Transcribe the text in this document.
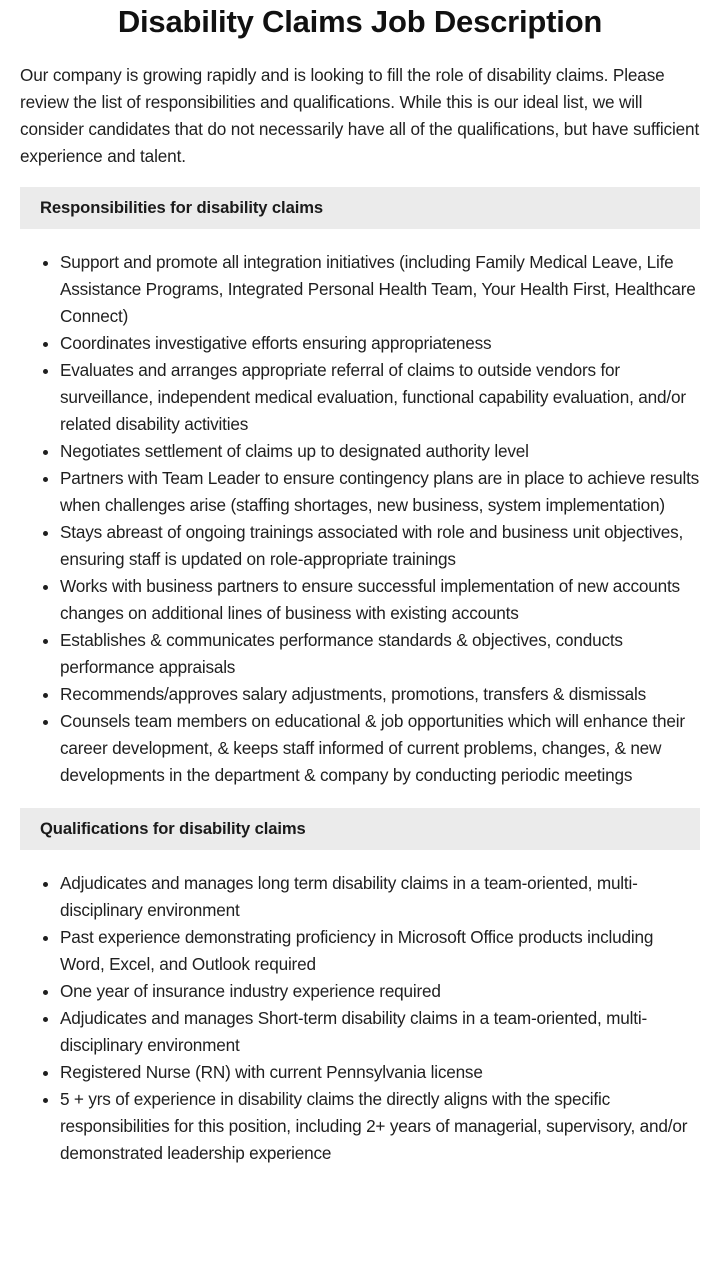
Disability Claims Job Description

Our company is growing rapidly and is looking to fill the role of disability claims. Please review the list of responsibilities and qualifications. While this is our ideal list, we will consider candidates that do not necessarily have all of the qualifications, but have sufficient experience and talent.

Responsibilities for disability claims
• Support and promote all integration initiatives (including Family Medical Leave, Life Assistance Programs, Integrated Personal Health Team, Your Health First, Healthcare Connect)
• Coordinates investigative efforts ensuring appropriateness
• Evaluates and arranges appropriate referral of claims to outside vendors for surveillance, independent medical evaluation, functional capability evaluation, and/or related disability activities
• Negotiates settlement of claims up to designated authority level
• Partners with Team Leader to ensure contingency plans are in place to achieve results when challenges arise (staffing shortages, new business, system implementation)
• Stays abreast of ongoing trainings associated with role and business unit objectives, ensuring staff is updated on role-appropriate trainings
• Works with business partners to ensure successful implementation of new accounts changes on additional lines of business with existing accounts
• Establishes & communicates performance standards & objectives, conducts performance appraisals
• Recommends/approves salary adjustments, promotions, transfers & dismissals
• Counsels team members on educational & job opportunities which will enhance their career development, & keeps staff informed of current problems, changes, & new developments in the department & company by conducting periodic meetings
Qualifications for disability claims
• Adjudicates and manages long term disability claims in a team-oriented, multi-disciplinary environment
• Past experience demonstrating proficiency in Microsoft Office products including Word, Excel, and Outlook required
• One year of insurance industry experience required
• Adjudicates and manages Short-term disability claims in a team-oriented, multi-disciplinary environment
• Registered Nurse (RN) with current Pennsylvania license
• 5 + yrs of experience in disability claims the directly aligns with the specific responsibilities for this position, including 2+ years of managerial, supervisory, and/or demonstrated leadership experience
